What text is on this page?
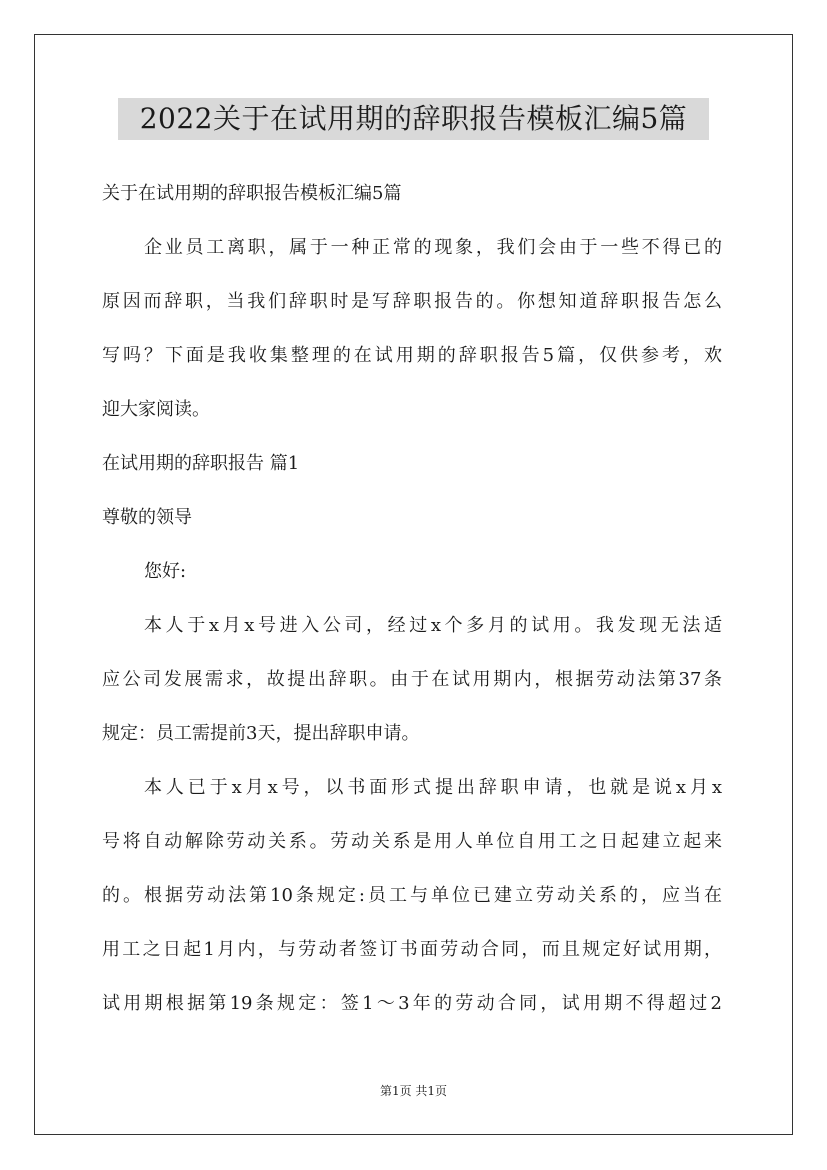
2022关于在试用期的辞职报告模板汇编5篇
关于在试用期的辞职报告模板汇编5篇
企业员工离职，属于一种正常的现象，我们会由于一些不得已的
原因而辞职，当我们辞职时是写辞职报告的。你想知道辞职报告怎么
写吗？下面是我收集整理的在试用期的辞职报告5篇，仅供参考，欢
迎大家阅读。
在试用期的辞职报告 篇1
尊敬的领导
您好:
本人于x月x号进入公司，经过x个多月的试用。我发现无法适
应公司发展需求，故提出辞职。由于在试用期内，根据劳动法第37条
规定：员工需提前3天，提出辞职申请。
本人已于x月x号，以书面形式提出辞职申请，也就是说x月x
号将自动解除劳动关系。劳动关系是用人单位自用工之日起建立起来
的。根据劳动法第10条规定:员工与单位已建立劳动关系的，应当在
用工之日起1月内，与劳动者签订书面劳动合同，而且规定好试用期，
试用期根据第19条规定：签1～3年的劳动合同，试用期不得超过2
第1页 共1页
